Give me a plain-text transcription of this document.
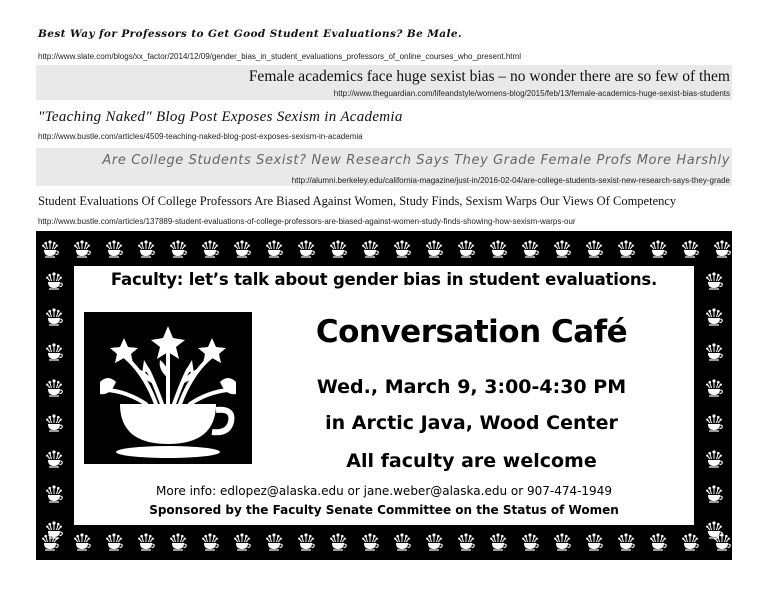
Best Way for Professors to Get Good Student Evaluations? Be Male.
http://www.slate.com/blogs/xx_factor/2014/12/09/gender_bias_in_student_evaluations_professors_of_online_courses_who_present.html
Female academics face huge sexist bias – no wonder there are so few of them
http://www.theguardian.com/lifeandstyle/womens-blog/2015/feb/13/female-academics-huge-sexist-bias-students
"Teaching Naked" Blog Post Exposes Sexism in Academia
http://www.bustle.com/articles/4509-teaching-naked-blog-post-exposes-sexism-in-academia
Are College Students Sexist? New Research Says They Grade Female Profs More Harshly
http://alumni.berkeley.edu/california-magazine/just-in/2016-02-04/are-college-students-sexist-new-research-says-they-grade
Student Evaluations Of College Professors Are Biased Against Women, Study Finds, Sexism Warps Our Views Of Competency
http://www.bustle.com/articles/137889-student-evaluations-of-college-professors-are-biased-against-women-study-finds-showing-how-sexism-warps-our
Faculty: let’s talk about gender bias in student evaluations.
Conversation Café
Wed., March 9, 3:00-4:30 PM
in Arctic Java, Wood Center
All faculty are welcome
More info: edlopez@alaska.edu or jane.weber@alaska.edu or 907-474-1949
Sponsored by the Faculty Senate Committee on the Status of Women
